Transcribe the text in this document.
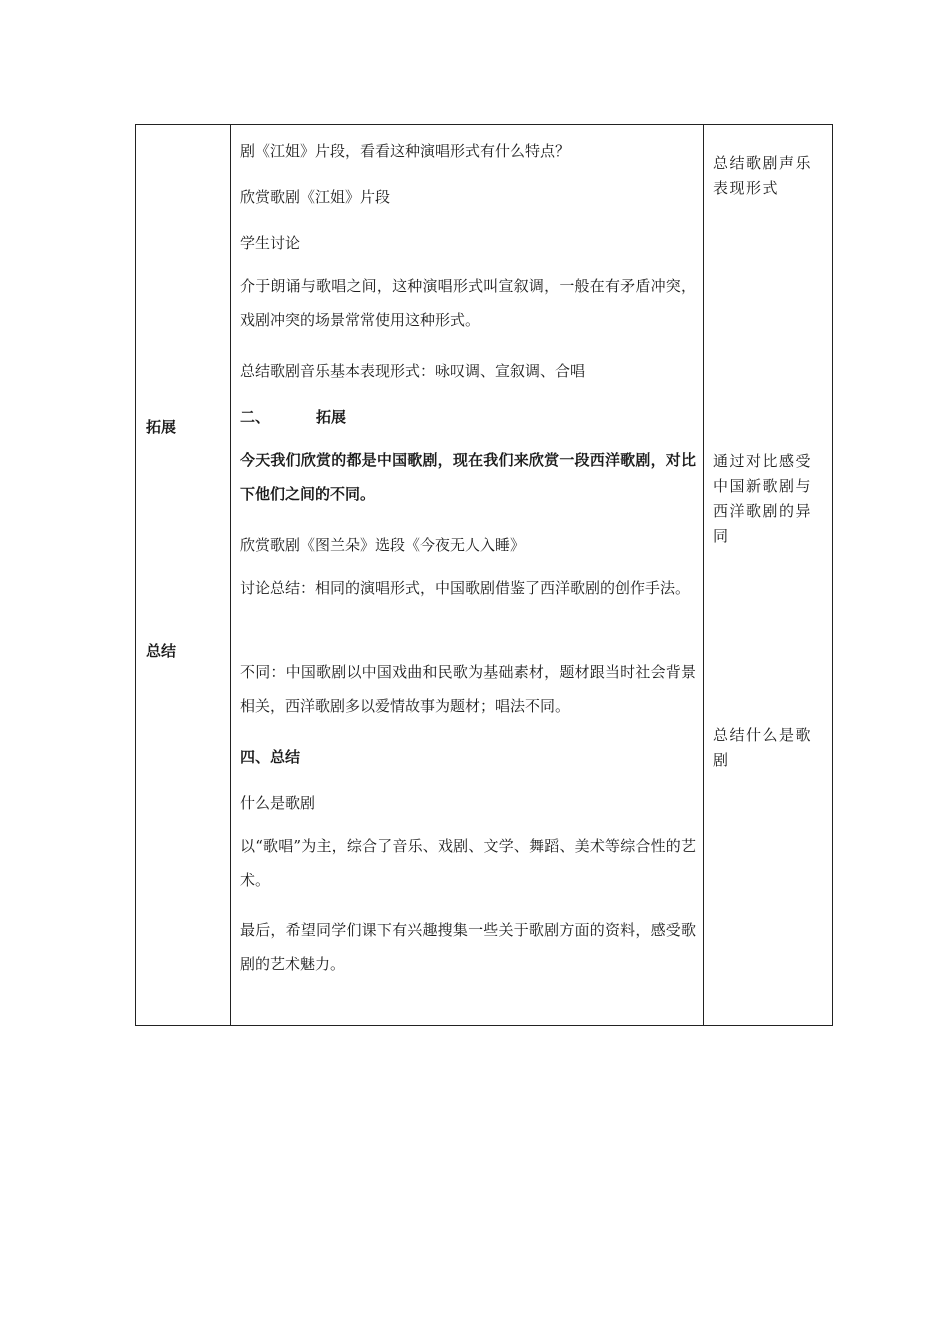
拓展
总结
剧《江姐》片段，看看这种演唱形式有什么特点？
欣赏歌剧《江姐》片段
学生讨论
介于朗诵与歌唱之间，这种演唱形式叫宣叙调，一般在有矛盾冲突，戏剧冲突的场景常常使用这种形式。
总结歌剧音乐基本表现形式：咏叹调、宣叙调、合唱
二、	拓展
今天我们欣赏的都是中国歌剧，现在我们来欣赏一段西洋歌剧，对比下他们之间的不同。
欣赏歌剧《图兰朵》选段《今夜无人入睡》
讨论总结：相同的演唱形式，中国歌剧借鉴了西洋歌剧的创作手法。
不同：中国歌剧以中国戏曲和民歌为基础素材，题材跟当时社会背景相关，西洋歌剧多以爱情故事为题材；唱法不同。
四、总结
什么是歌剧
以“歌唱”为主，综合了音乐、戏剧、文学、舞蹈、美术等综合性的艺术。
最后，希望同学们课下有兴趣搜集一些关于歌剧方面的资料，感受歌剧的艺术魅力。
总结歌剧声乐表现形式
通过对比感受中国新歌剧与西洋歌剧的异同
总结什么是歌剧
